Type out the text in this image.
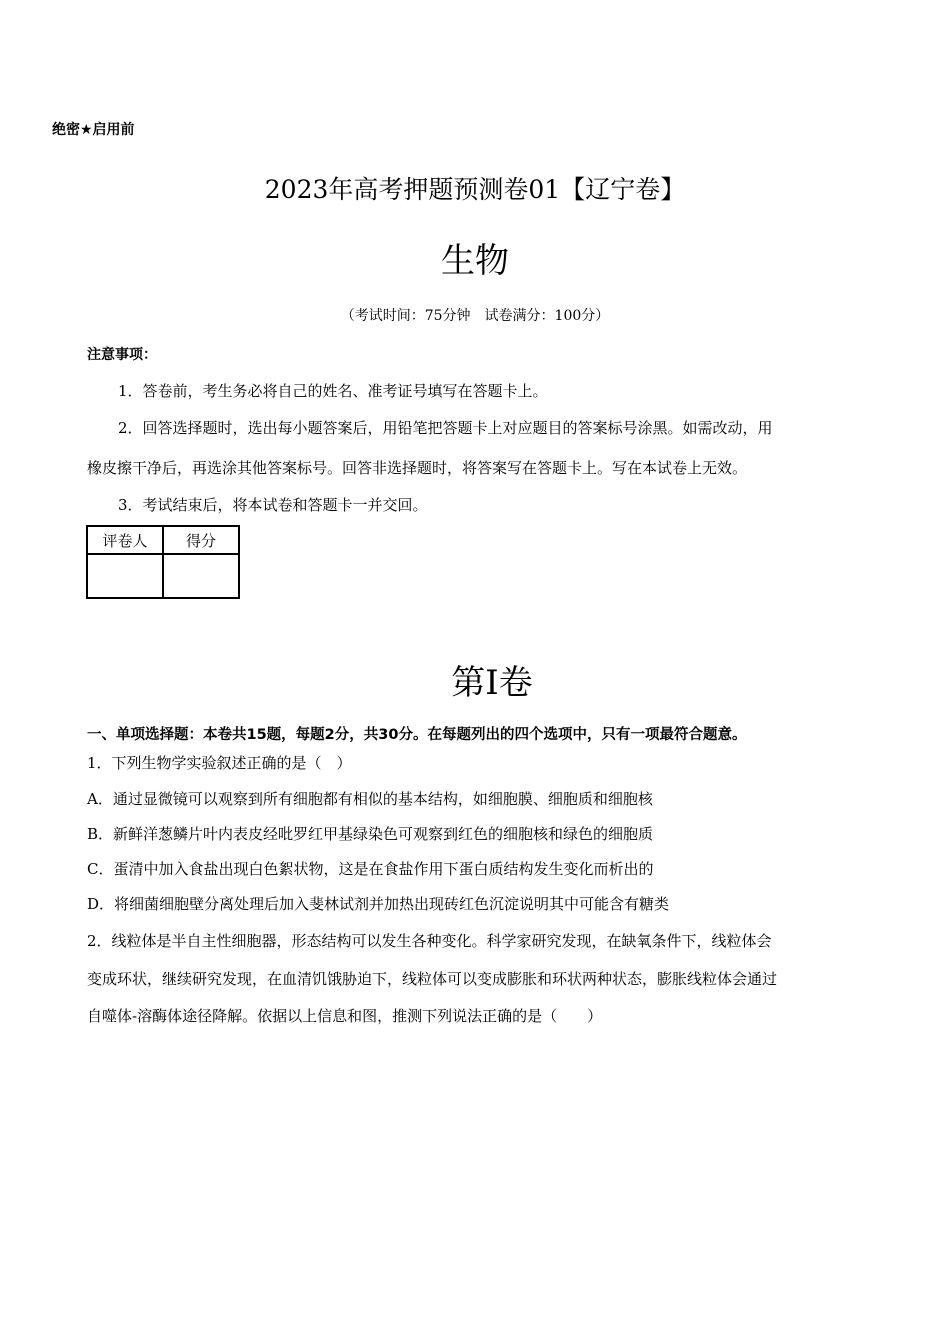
绝密★启用前
2023年高考押题预测卷01【辽宁卷】
生物
（考试时间：75分钟　试卷满分：100分）
注意事项：
1．答卷前，考生务必将自己的姓名、准考证号填写在答题卡上。
2．回答选择题时，选出每小题答案后，用铅笔把答题卡上对应题目的答案标号涂黑。如需改动，用
橡皮擦干净后，再选涂其他答案标号。回答非选择题时，将答案写在答题卡上。写在本试卷上无效。
3．考试结束后，将本试卷和答题卡一并交回。
评卷人	得分

第I卷
一、单项选择题：本卷共15题，每题2分，共30分。在每题列出的四个选项中，只有一项最符合题意。
1．下列生物学实验叙述正确的是（　）
A．通过显微镜可以观察到所有细胞都有相似的基本结构，如细胞膜、细胞质和细胞核
B．新鲜洋葱鳞片叶内表皮经吡罗红甲基绿染色可观察到红色的细胞核和绿色的细胞质
C．蛋清中加入食盐出现白色絮状物，这是在食盐作用下蛋白质结构发生变化而析出的
D．将细菌细胞壁分离处理后加入斐林试剂并加热出现砖红色沉淀说明其中可能含有糖类
2．线粒体是半自主性细胞器，形态结构可以发生各种变化。科学家研究发现，在缺氧条件下，线粒体会
变成环状，继续研究发现，在血清饥饿胁迫下，线粒体可以变成膨胀和环状两种状态，膨胀线粒体会通过
自噬体-溶酶体途径降解。依据以上信息和图，推测下列说法正确的是（　　）
